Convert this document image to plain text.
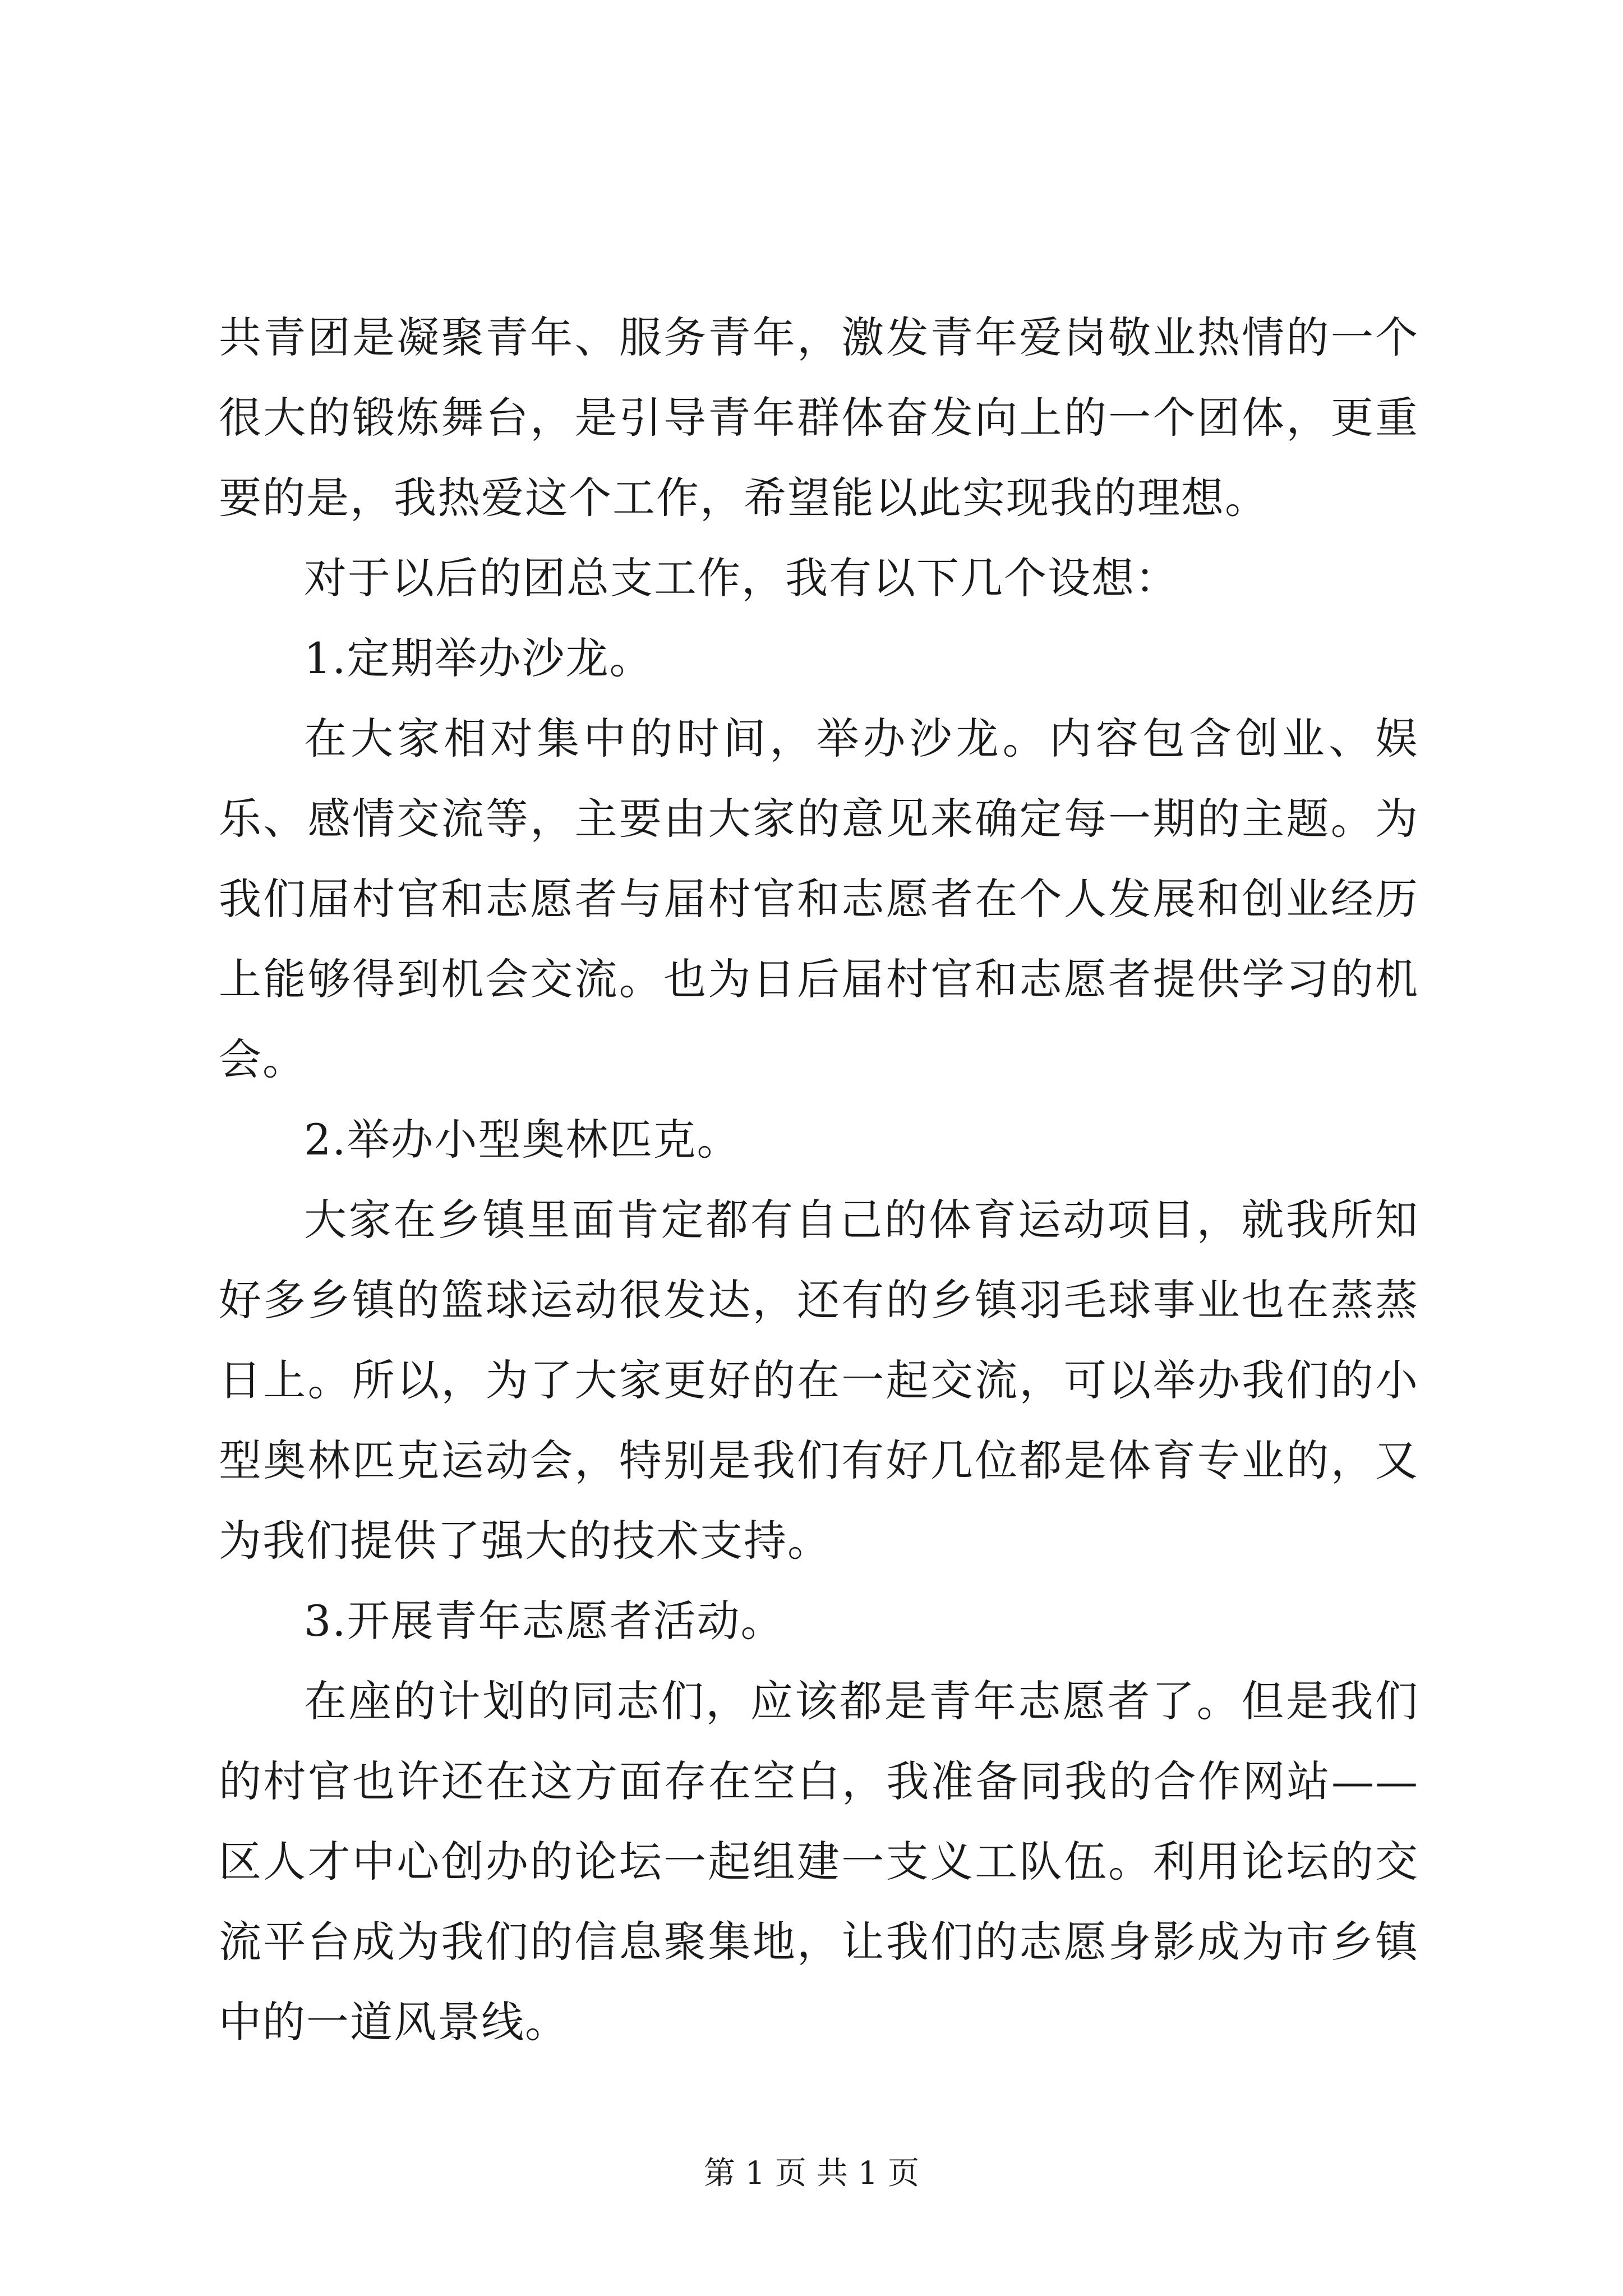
共青团是凝聚青年、服务青年，激发青年爱岗敬业热情的一个很大的锻炼舞台，是引导青年群体奋发向上的一个团体，更重要的是，我热爱这个工作，希望能以此实现我的理想。

对于以后的团总支工作，我有以下几个设想：

1.定期举办沙龙。

在大家相对集中的时间，举办沙龙。内容包含创业、娱乐、感情交流等，主要由大家的意见来确定每一期的主题。为我们届村官和志愿者与届村官和志愿者在个人发展和创业经历上能够得到机会交流。也为日后届村官和志愿者提供学习的机会。

2.举办小型奥林匹克。

大家在乡镇里面肯定都有自己的体育运动项目，就我所知好多乡镇的篮球运动很发达，还有的乡镇羽毛球事业也在蒸蒸日上。所以，为了大家更好的在一起交流，可以举办我们的小型奥林匹克运动会，特别是我们有好几位都是体育专业的，又为我们提供了强大的技术支持。

3.开展青年志愿者活动。

在座的计划的同志们，应该都是青年志愿者了。但是我们的村官也许还在这方面存在空白，我准备同我的合作网站——区人才中心创办的论坛一起组建一支义工队伍。利用论坛的交流平台成为我们的信息聚集地，让我们的志愿身影成为市乡镇中的一道风景线。

第 1 页 共 1 页
